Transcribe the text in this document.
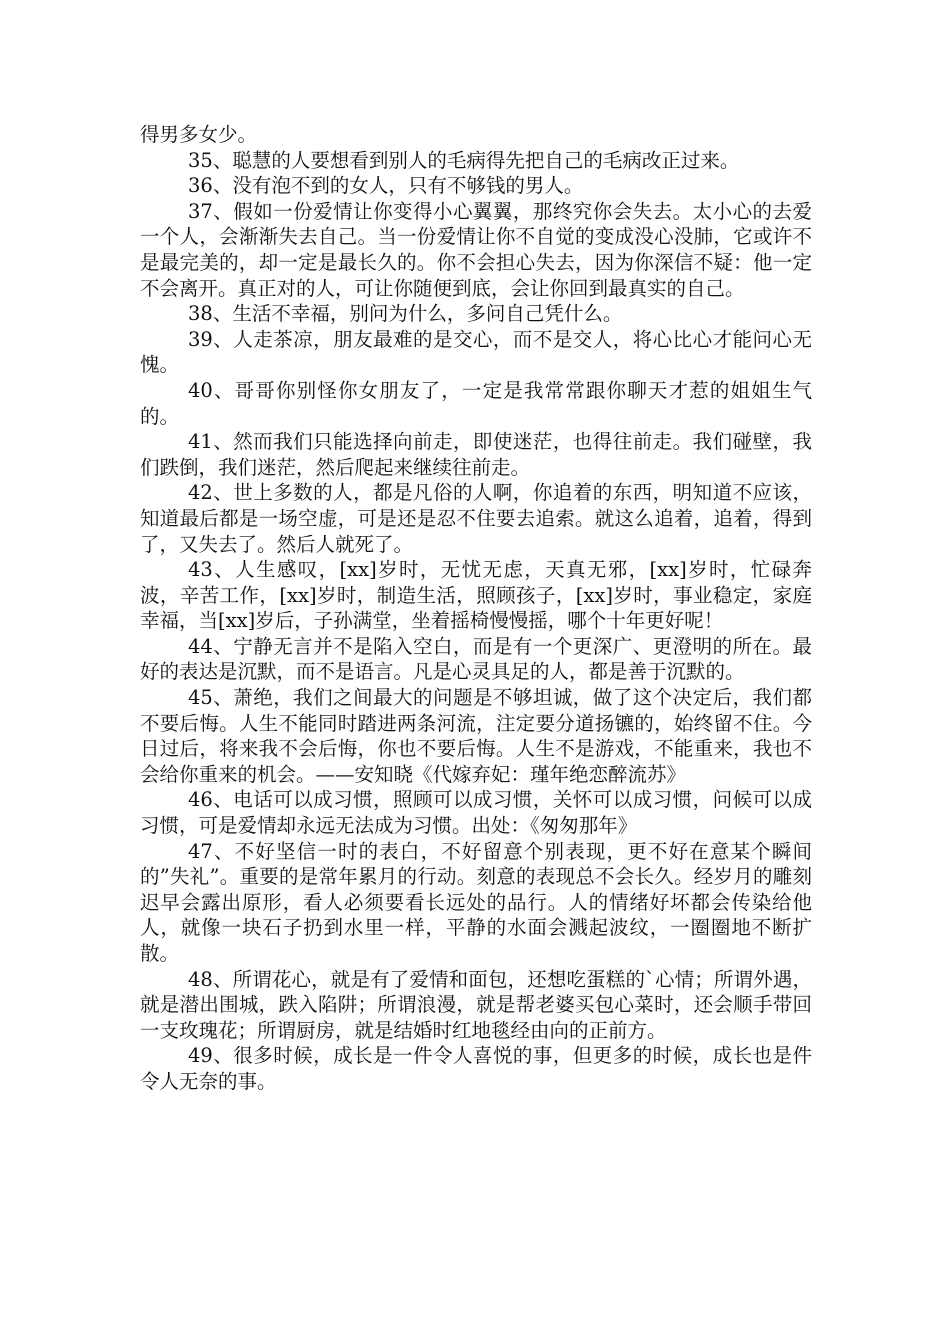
得男多女少。

35、聪慧的人要想看到别人的毛病得先把自己的毛病改正过来。

36、没有泡不到的女人，只有不够钱的男人。

37、假如一份爱情让你变得小心翼翼，那终究你会失去。太小心的去爱一个人，会渐渐失去自己。当一份爱情让你不自觉的变成没心没肺，它或许不是最完美的，却一定是最长久的。你不会担心失去，因为你深信不疑：他一定不会离开。真正对的人，可让你随便到底，会让你回到最真实的自己。

38、生活不幸福，别问为什么，多问自己凭什么。

39、人走茶凉，朋友最难的是交心，而不是交人，将心比心才能问心无愧。

40、哥哥你别怪你女朋友了，一定是我常常跟你聊天才惹的姐姐生气的。

41、然而我们只能选择向前走，即使迷茫，也得往前走。我们碰壁，我们跌倒，我们迷茫，然后爬起来继续往前走。

42、世上多数的人，都是凡俗的人啊，你追着的东西，明知道不应该，知道最后都是一场空虚，可是还是忍不住要去追索。就这么追着，追着，得到了，又失去了。然后人就死了。

43、人生感叹，[xx]岁时，无忧无虑，天真无邪，[xx]岁时，忙碌奔波，辛苦工作，[xx]岁时，制造生活，照顾孩子，[xx]岁时，事业稳定，家庭幸福，当[xx]岁后，子孙满堂，坐着摇椅慢慢摇，哪个十年更好呢！

44、宁静无言并不是陷入空白，而是有一个更深广、更澄明的所在。最好的表达是沉默，而不是语言。凡是心灵具足的人，都是善于沉默的。

45、萧绝，我们之间最大的问题是不够坦诚，做了这个决定后，我们都不要后悔。人生不能同时踏进两条河流，注定要分道扬镳的，始终留不住。今日过后，将来我不会后悔，你也不要后悔。人生不是游戏，不能重来，我也不会给你重来的机会。——安知晓《代嫁弃妃：瑾年绝恋醉流苏》

46、电话可以成习惯，照顾可以成习惯，关怀可以成习惯，问候可以成习惯，可是爱情却永远无法成为习惯。出处：《匆匆那年》

47、不好坚信一时的表白，不好留意个别表现，更不好在意某个瞬间的”失礼”。重要的是常年累月的行动。刻意的表现总不会长久。经岁月的雕刻迟早会露出原形，看人必须要看长远处的品行。人的情绪好坏都会传染给他人，就像一块石子扔到水里一样，平静的水面会溅起波纹，一圈圈地不断扩散。

48、所谓花心，就是有了爱情和面包，还想吃蛋糕的`心情；所谓外遇，就是潜出围城，跌入陷阱；所谓浪漫，就是帮老婆买包心菜时，还会顺手带回一支玫瑰花；所谓厨房，就是结婚时红地毯经由向的正前方。

49、很多时候，成长是一件令人喜悦的事，但更多的时候，成长也是件令人无奈的事。
